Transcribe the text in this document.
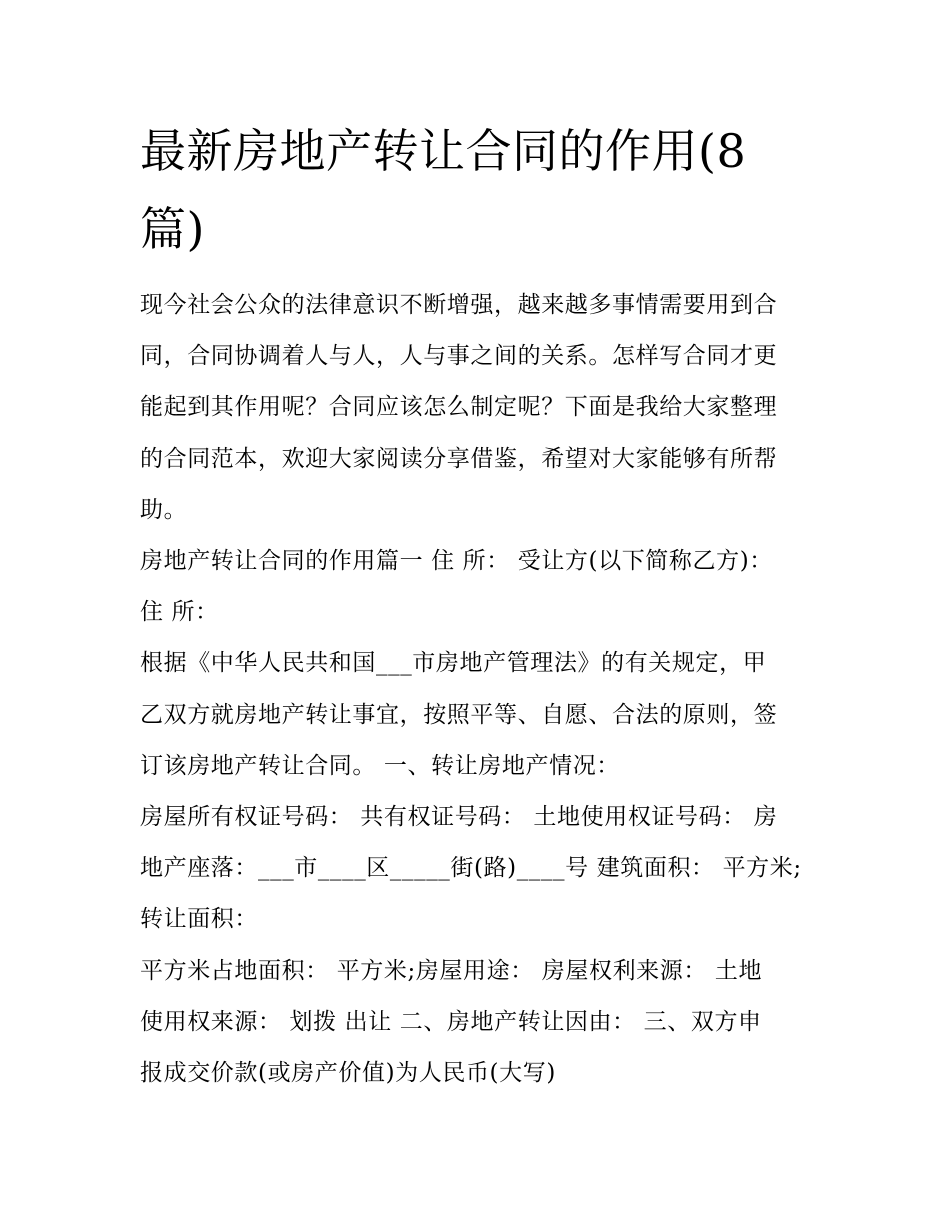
最新房地产转让合同的作用(8
篇)

现今社会公众的法律意识不断增强，越来越多事情需要用到合
同，合同协调着人与人，人与事之间的关系。怎样写合同才更
能起到其作用呢？合同应该怎么制定呢？下面是我给大家整理
的合同范本，欢迎大家阅读分享借鉴，希望对大家能够有所帮
助。

房地产转让合同的作用篇一 住 所： 受让方(以下简称乙方)：
住 所：

根据《中华人民共和国___市房地产管理法》的有关规定，甲
乙双方就房地产转让事宜，按照平等、自愿、合法的原则，签
订该房地产转让合同。 一、转让房地产情况：

房屋所有权证号码： 共有权证号码： 土地使用权证号码： 房
地产座落：___市____区_____街(路)____号 建筑面积： 平方米;
转让面积：

平方米占地面积： 平方米;房屋用途： 房屋权利来源： 土地
使用权来源： 划拨 出让 二、房地产转让因由： 三、双方申
报成交价款(或房产价值)为人民币(大写)
